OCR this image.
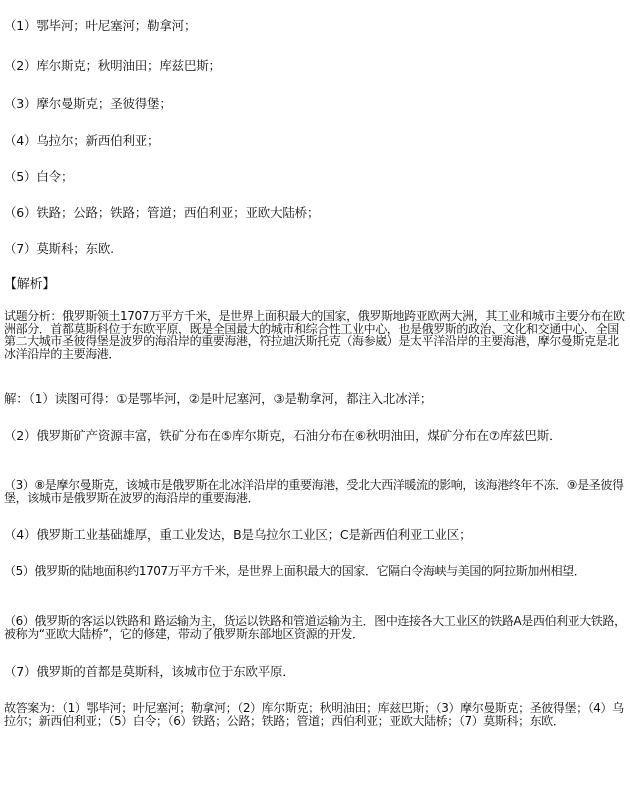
（1）鄂毕河；叶尼塞河；勒拿河；
（2）库尔斯克；秋明油田；库兹巴斯；
（3）摩尔曼斯克；圣彼得堡；
（4）乌拉尔；新西伯利亚；
（5）白令；
（6）铁路；公路；铁路；管道；西伯利亚；亚欧大陆桥；
（7）莫斯科；东欧.
【解析】
试题分析：俄罗斯领土1707万平方千米，是世界上面积最大的国家，俄罗斯地跨亚欧两大洲，其工业和城市主要分布在欧洲部分．首都莫斯科位于东欧平原，既是全国最大的城市和综合性工业中心，也是俄罗斯的政治、文化和交通中心．全国第二大城市圣彼得堡是波罗的海沿岸的重要海港，符拉迪沃斯托克（海参崴）是太平洋沿岸的主要海港，摩尔曼斯克是北冰洋沿岸的主要海港．
解：（1）读图可得：①是鄂毕河，②是叶尼塞河，③是勒拿河，都注入北冰洋；
（2）俄罗斯矿产资源丰富，铁矿分布在⑤库尔斯克，石油分布在⑥秋明油田，煤矿分布在⑦库兹巴斯．
（3）⑧是摩尔曼斯克，该城市是俄罗斯在北冰洋沿岸的重要海港，受北大西洋暖流的影响，该海港终年不冻．⑨是圣彼得堡，该城市是俄罗斯在波罗的海沿岸的重要海港．
（4）俄罗斯工业基础雄厚，重工业发达，B是乌拉尔工业区；C是新西伯利亚工业区；
（5）俄罗斯的陆地面积约1707万平方千米，是世界上面积最大的国家．它隔白令海峡与美国的阿拉斯加州相望．
（6）俄罗斯的客运以铁路和 路运输为主，货运以铁路和管道运输为主．图中连接各大工业区的铁路A是西伯利亚大铁路，被称为“亚欧大陆桥”，它的修建，带动了俄罗斯东部地区资源的开发．
（7）俄罗斯的首都是莫斯科，该城市位于东欧平原．
故答案为：（1）鄂毕河；叶尼塞河；勒拿河；（2）库尔斯克；秋明油田；库兹巴斯；（3）摩尔曼斯克；圣彼得堡；（4）乌拉尔；新西伯利亚；（5）白令；（6）铁路；公路；铁路；管道；西伯利亚；亚欧大陆桥；（7）莫斯科；东欧．
